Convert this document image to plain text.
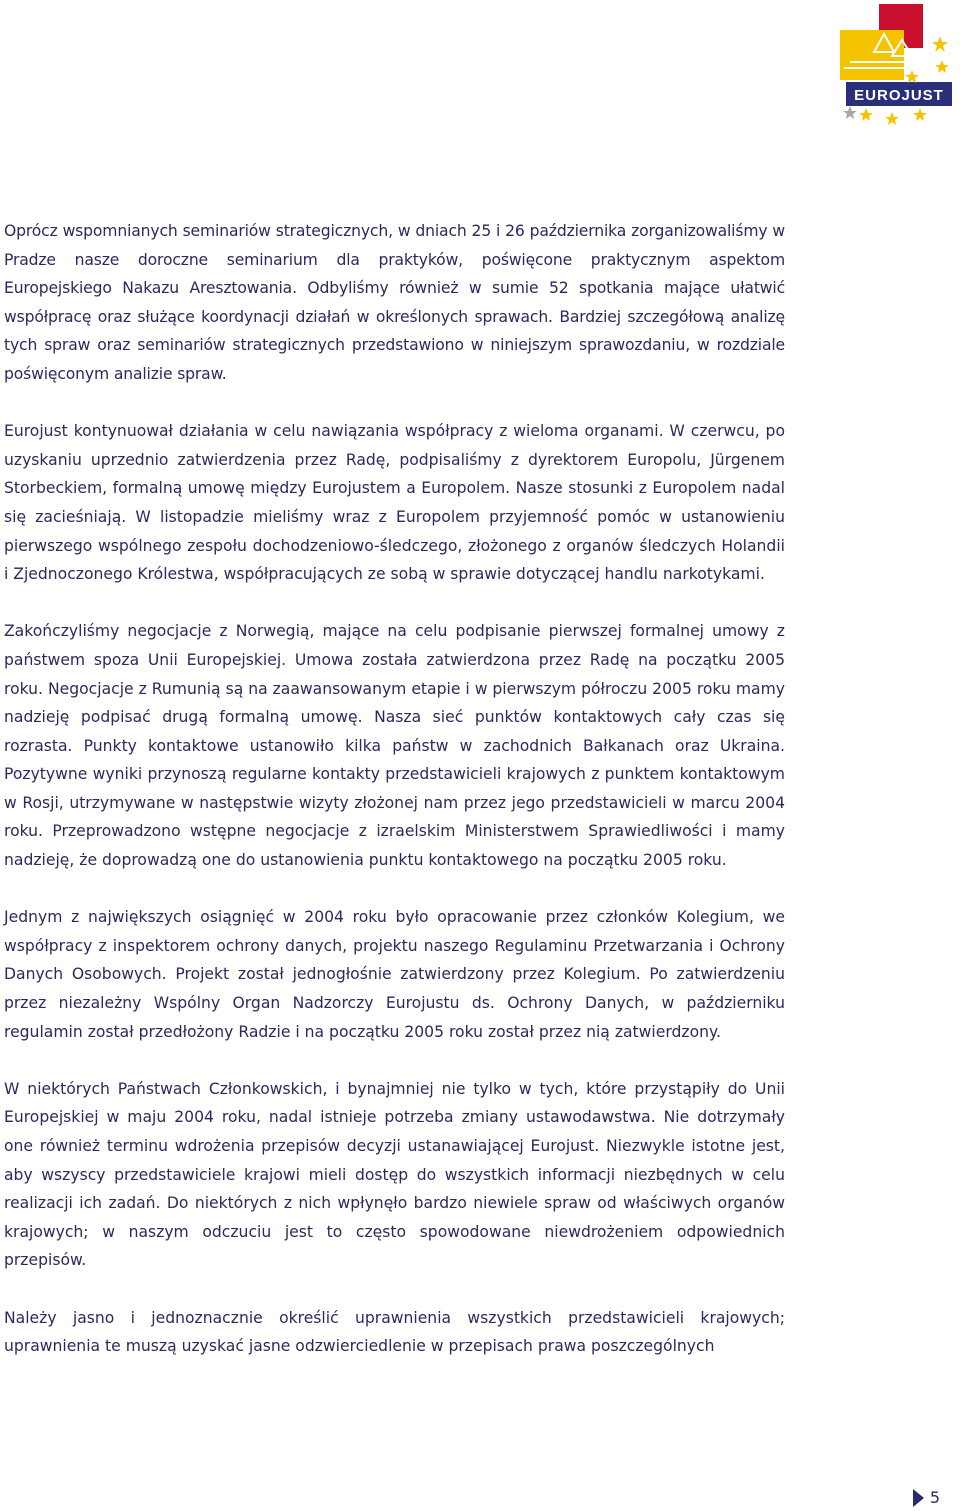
EUROJUST

Oprócz wspomnianych seminariów strategicznych, w dniach 25 i 26 października zorganizowaliśmy w Pradze nasze doroczne seminarium dla praktyków, poświęcone praktycznym aspektom Europejskiego Nakazu Aresztowania. Odbyliśmy również w sumie 52 spotkania mające ułatwić współpracę oraz służące koordynacji działań w określonych sprawach. Bardziej szczegółową analizę tych spraw oraz seminariów strategicznych przedstawiono w niniejszym sprawozdaniu, w rozdziale poświęconym analizie spraw.

Eurojust kontynuował działania w celu nawiązania współpracy z wieloma organami. W czerwcu, po uzyskaniu uprzednio zatwierdzenia przez Radę, podpisaliśmy z dyrektorem Europolu, Jürgenem Storbeckiem, formalną umowę między Eurojustem a Europolem. Nasze stosunki z Europolem nadal się zacieśniają. W listopadzie mieliśmy wraz z Europolem przyjemność pomóc w ustanowieniu pierwszego wspólnego zespołu dochodzeniowo-śledczego, złożonego z organów śledczych Holandii i Zjednoczonego Królestwa, współpracujących ze sobą w sprawie dotyczącej handlu narkotykami.

Zakończyliśmy negocjacje z Norwegią, mające na celu podpisanie pierwszej formalnej umowy z państwem spoza Unii Europejskiej. Umowa została zatwierdzona przez Radę na początku 2005 roku. Negocjacje z Rumunią są na zaawansowanym etapie i w pierwszym półroczu 2005 roku mamy nadzieję podpisać drugą formalną umowę. Nasza sieć punktów kontaktowych cały czas się rozrasta. Punkty kontaktowe ustanowiło kilka państw w zachodnich Bałkanach oraz Ukraina. Pozytywne wyniki przynoszą regularne kontakty przedstawicieli krajowych z punktem kontaktowym w Rosji, utrzymywane w następstwie wizyty złożonej nam przez jego przedstawicieli w marcu 2004 roku. Przeprowadzono wstępne negocjacje z izraelskim Ministerstwem Sprawiedliwości i mamy nadzieję, że doprowadzą one do ustanowienia punktu kontaktowego na początku 2005 roku.

Jednym z największych osiągnięć w 2004 roku było opracowanie przez członków Kolegium, we współpracy z inspektorem ochrony danych, projektu naszego Regulaminu Przetwarzania i Ochrony Danych Osobowych. Projekt został jednogłośnie zatwierdzony przez Kolegium. Po zatwierdzeniu przez niezależny Wspólny Organ Nadzorczy Eurojustu ds. Ochrony Danych, w październiku regulamin został przedłożony Radzie i na początku 2005 roku został przez nią zatwierdzony.

W niektórych Państwach Członkowskich, i bynajmniej nie tylko w tych, które przystąpiły do Unii Europejskiej w maju 2004 roku, nadal istnieje potrzeba zmiany ustawodawstwa. Nie dotrzymały one również terminu wdrożenia przepisów decyzji ustanawiającej Eurojust. Niezwykle istotne jest, aby wszyscy przedstawiciele krajowi mieli dostęp do wszystkich informacji niezbędnych w celu realizacji ich zadań. Do niektórych z nich wpłynęło bardzo niewiele spraw od właściwych organów krajowych; w naszym odczuciu jest to często spowodowane niewdrożeniem odpowiednich przepisów.

Należy jasno i jednoznacznie określić uprawnienia wszystkich przedstawicieli krajowych; uprawnienia te muszą uzyskać jasne odzwierciedlenie w przepisach prawa poszczególnych

5
